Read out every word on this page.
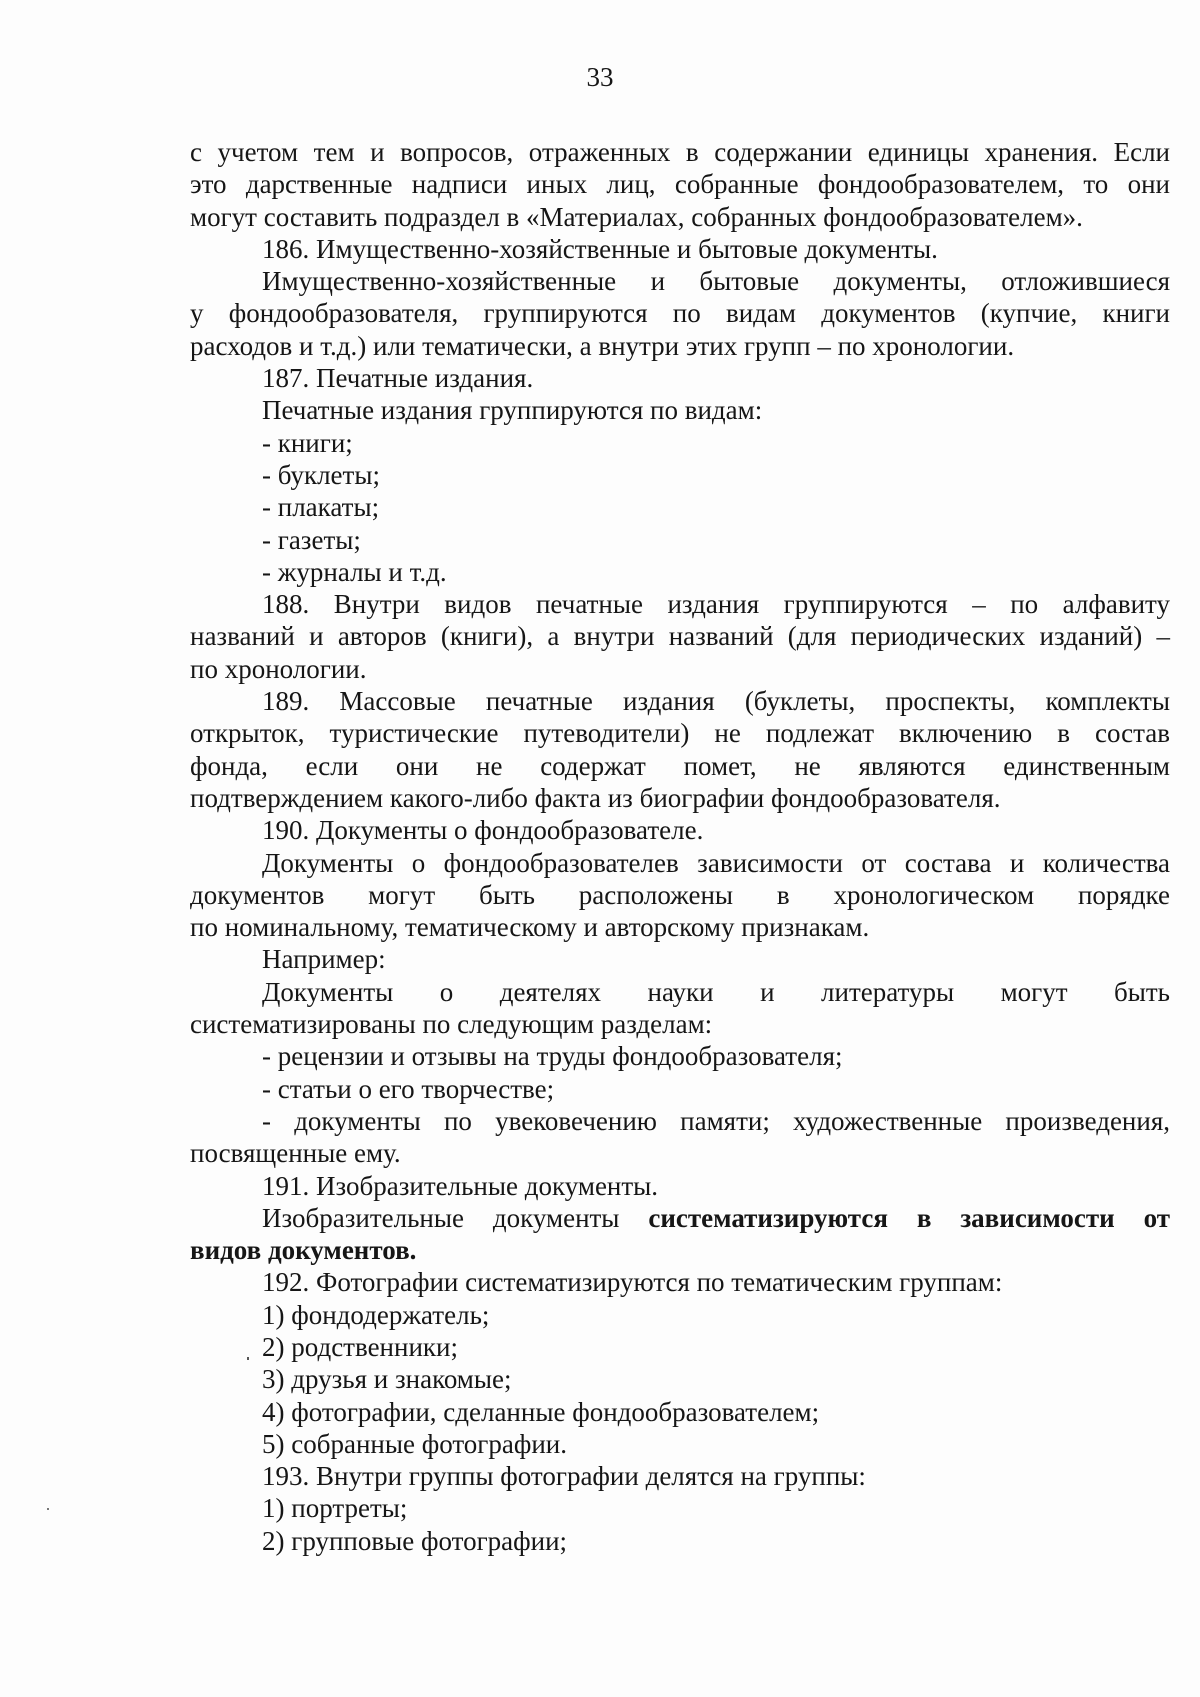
33

с учетом тем и вопросов, отраженных в содержании единицы хранения. Если

это дарственные надписи иных лиц, собранные фондообразователем, то они

могут составить подраздел в «Материалах, собранных фондообразователем».

186. Имущественно-хозяйственные и бытовые документы.

Имущественно-хозяйственные и бытовые документы, отложившиеся

у фондообразователя, группируются по видам документов (купчие, книги

расходов и т.д.) или тематически, а внутри этих групп – по хронологии.

187. Печатные издания.

Печатные издания группируются по видам:

- книги;

- буклеты;

- плакаты;

- газеты;

- журналы и т.д.

188. Внутри видов печатные издания группируются – по алфавиту

названий и авторов (книги), а внутри названий (для периодических изданий) –

по хронологии.

189. Массовые печатные издания (буклеты, проспекты, комплекты

открыток, туристические путеводители) не подлежат включению в состав

фонда, если они не содержат помет, не являются единственным

подтверждением какого-либо факта из биографии фондообразователя.

190. Документы о фондообразователе.

Документы о фондообразователев зависимости от состава и количества

документов могут быть расположены в хронологическом порядке

по номинальному, тематическому и авторскому признакам.

Например:

Документы о деятелях науки и литературы могут быть

систематизированы по следующим разделам:

- рецензии и отзывы на труды фондообразователя;

- статьи о его творчестве;

- документы по увековечению памяти; художественные произведения,

посвященные ему.

191. Изобразительные документы.

Изобразительные документы систематизируются в зависимости от

видов документов.

192. Фотографии систематизируются по тематическим группам:

1) фондодержатель;

2) родственники;

3) друзья и знакомые;

4) фотографии, сделанные фондообразователем;

5) собранные фотографии.

193. Внутри группы фотографии делятся на группы:

1) портреты;

2) групповые фотографии;
